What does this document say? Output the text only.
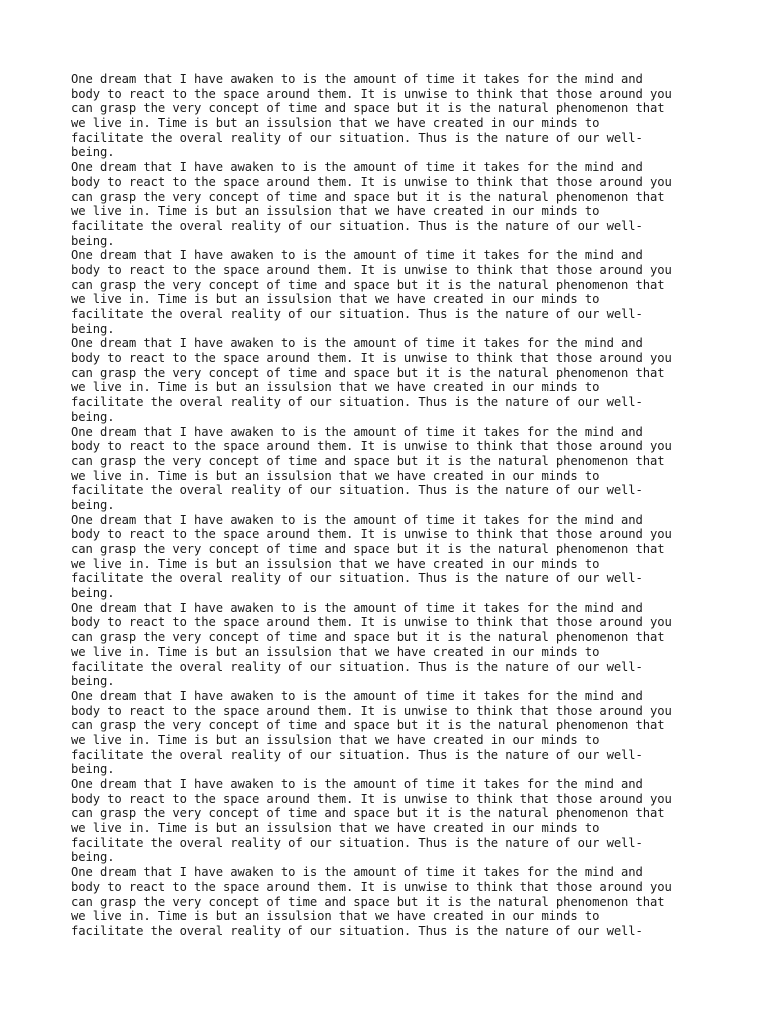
One dream that I have awaken to is the amount of time it takes for the mind and
body to react to the space around them. It is unwise to think that those around you
can grasp the very concept of time and space but it is the natural phenomenon that
we live in. Time is but an issulsion that we have created in our minds to
facilitate the overal reality of our situation. Thus is the nature of our well-
being.
One dream that I have awaken to is the amount of time it takes for the mind and
body to react to the space around them. It is unwise to think that those around you
can grasp the very concept of time and space but it is the natural phenomenon that
we live in. Time is but an issulsion that we have created in our minds to
facilitate the overal reality of our situation. Thus is the nature of our well-
being.
One dream that I have awaken to is the amount of time it takes for the mind and
body to react to the space around them. It is unwise to think that those around you
can grasp the very concept of time and space but it is the natural phenomenon that
we live in. Time is but an issulsion that we have created in our minds to
facilitate the overal reality of our situation. Thus is the nature of our well-
being.
One dream that I have awaken to is the amount of time it takes for the mind and
body to react to the space around them. It is unwise to think that those around you
can grasp the very concept of time and space but it is the natural phenomenon that
we live in. Time is but an issulsion that we have created in our minds to
facilitate the overal reality of our situation. Thus is the nature of our well-
being.
One dream that I have awaken to is the amount of time it takes for the mind and
body to react to the space around them. It is unwise to think that those around you
can grasp the very concept of time and space but it is the natural phenomenon that
we live in. Time is but an issulsion that we have created in our minds to
facilitate the overal reality of our situation. Thus is the nature of our well-
being.
One dream that I have awaken to is the amount of time it takes for the mind and
body to react to the space around them. It is unwise to think that those around you
can grasp the very concept of time and space but it is the natural phenomenon that
we live in. Time is but an issulsion that we have created in our minds to
facilitate the overal reality of our situation. Thus is the nature of our well-
being.
One dream that I have awaken to is the amount of time it takes for the mind and
body to react to the space around them. It is unwise to think that those around you
can grasp the very concept of time and space but it is the natural phenomenon that
we live in. Time is but an issulsion that we have created in our minds to
facilitate the overal reality of our situation. Thus is the nature of our well-
being.
One dream that I have awaken to is the amount of time it takes for the mind and
body to react to the space around them. It is unwise to think that those around you
can grasp the very concept of time and space but it is the natural phenomenon that
we live in. Time is but an issulsion that we have created in our minds to
facilitate the overal reality of our situation. Thus is the nature of our well-
being.
One dream that I have awaken to is the amount of time it takes for the mind and
body to react to the space around them. It is unwise to think that those around you
can grasp the very concept of time and space but it is the natural phenomenon that
we live in. Time is but an issulsion that we have created in our minds to
facilitate the overal reality of our situation. Thus is the nature of our well-
being.
One dream that I have awaken to is the amount of time it takes for the mind and
body to react to the space around them. It is unwise to think that those around you
can grasp the very concept of time and space but it is the natural phenomenon that
we live in. Time is but an issulsion that we have created in our minds to
facilitate the overal reality of our situation. Thus is the nature of our well-
